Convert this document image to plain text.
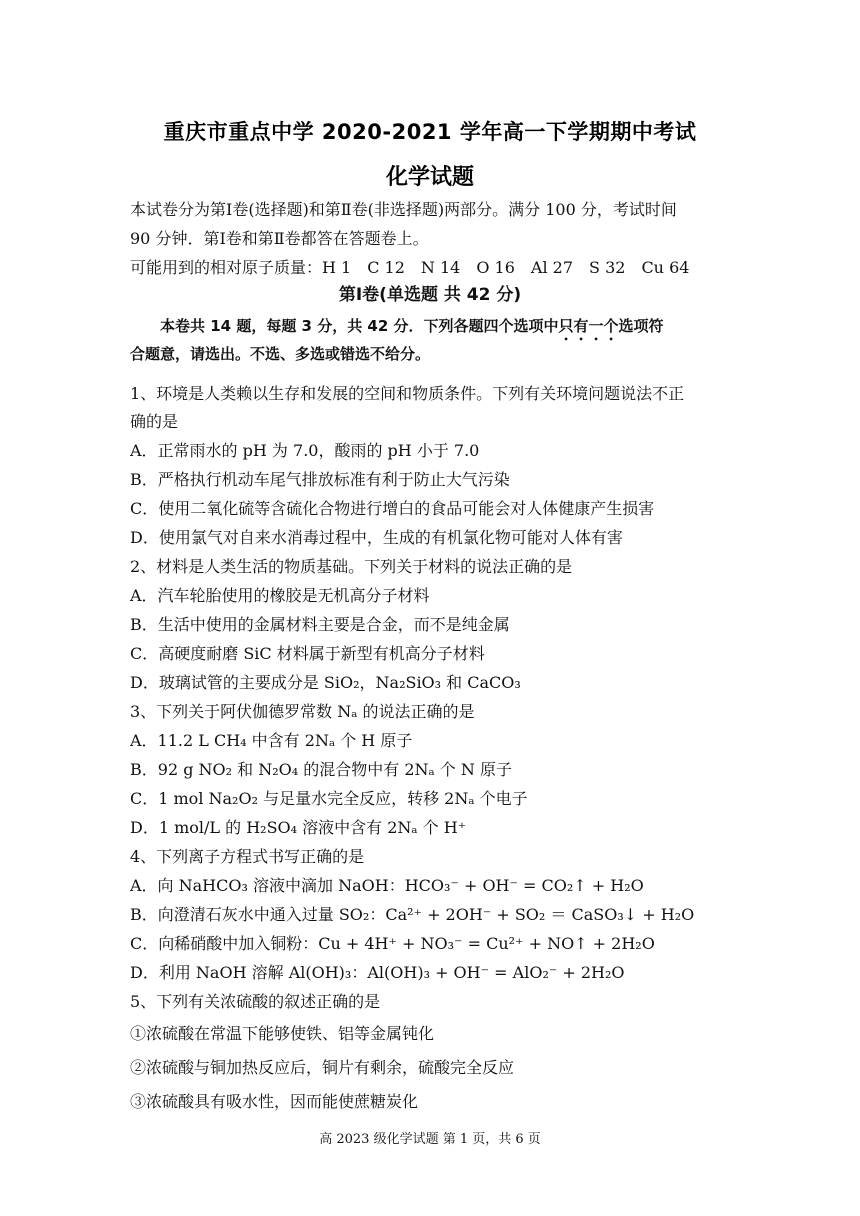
重庆市重点中学 2020-2021 学年高一下学期期中考试
化学试题
本试卷分为第Ⅰ卷(选择题)和第Ⅱ卷(非选择题)两部分。满分 100 分，考试时间
90 分钟．第Ⅰ卷和第Ⅱ卷都答在答题卷上。
可能用到的相对原子质量：H 1　C 12　N 14　O 16　Al 27　S 32　Cu 64
第Ⅰ卷(单选题 共 42 分)
本卷共 14 题，每题 3 分，共 42 分．下列各题四个选项中只有一个选项符
合题意，请选出。不选、多选或错选不给分。
1、环境是人类赖以生存和发展的空间和物质条件。下列有关环境问题说法不正
确的是
A．正常雨水的 pH 为 7.0，酸雨的 pH 小于 7.0
B．严格执行机动车尾气排放标准有利于防止大气污染
C．使用二氧化硫等含硫化合物进行增白的食品可能会对人体健康产生损害
D．使用氯气对自来水消毒过程中，生成的有机氯化物可能对人体有害
2、材料是人类生活的物质基础。下列关于材料的说法正确的是
A．汽车轮胎使用的橡胶是无机高分子材料
B．生活中使用的金属材料主要是合金，而不是纯金属
C．高硬度耐磨 SiC 材料属于新型有机高分子材料
D．玻璃试管的主要成分是 SiO₂，Na₂SiO₃ 和 CaCO₃
3、下列关于阿伏伽德罗常数 Nₐ 的说法正确的是
A．11.2 L CH₄ 中含有 2Nₐ 个 H 原子
B．92 g NO₂ 和 N₂O₄ 的混合物中有 2Nₐ 个 N 原子
C．1 mol Na₂O₂ 与足量水完全反应，转移 2Nₐ 个电子
D．1 mol/L 的 H₂SO₄ 溶液中含有 2Nₐ 个 H⁺
4、下列离子方程式书写正确的是
A．向 NaHCO₃ 溶液中滴加 NaOH：HCO₃⁻ + OH⁻ = CO₂↑ + H₂O
B．向澄清石灰水中通入过量 SO₂：Ca²⁺ + 2OH⁻ + SO₂ ＝ CaSO₃↓ + H₂O
C．向稀硝酸中加入铜粉：Cu + 4H⁺ + NO₃⁻ = Cu²⁺ + NO↑ + 2H₂O
D．利用 NaOH 溶解 Al(OH)₃：Al(OH)₃ + OH⁻ = AlO₂⁻ + 2H₂O
5、下列有关浓硫酸的叙述正确的是
①浓硫酸在常温下能够使铁、铝等金属钝化
②浓硫酸与铜加热反应后，铜片有剩余，硫酸完全反应
③浓硫酸具有吸水性，因而能使蔗糖炭化
高 2023 级化学试题 第 1 页，共 6 页
